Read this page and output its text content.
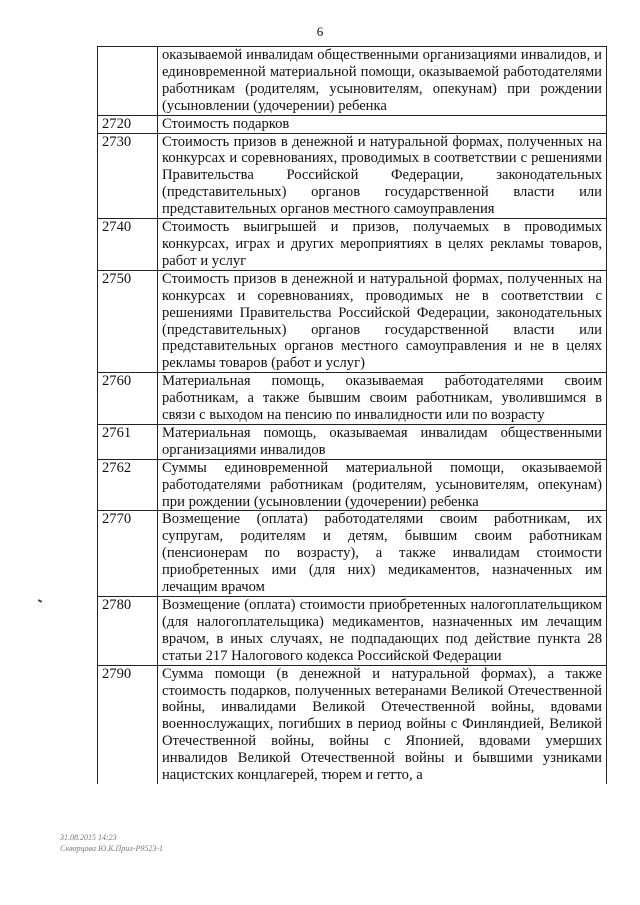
6
	оказываемой инвалидам общественными организациями инвалидов, и единовременной материальной помощи, оказываемой работодателями работникам (родителям, усыновителям, опекунам) при рождении (усыновлении (удочерении) ребенка
2720	Стоимость подарков
2730	Стоимость призов в денежной и натуральной формах, полученных на конкурсах и соревнованиях, проводимых в соответствии с решениями Правительства Российской Федерации, законодательных (представительных) органов государственной власти или представительных органов местного самоуправления
2740	Стоимость выигрышей и призов, получаемых в проводимых конкурсах, играх и других мероприятиях в целях рекламы товаров, работ и услуг
2750	Стоимость призов в денежной и натуральной формах, полученных на конкурсах и соревнованиях, проводимых не в соответствии с решениями Правительства Российской Федерации, законодательных (представительных) органов государственной власти или представительных органов местного самоуправления и не в целях рекламы товаров (работ и услуг)
2760	Материальная помощь, оказываемая работодателями своим работникам, а также бывшим своим работникам, уволившимся в связи с выходом на пенсию по инвалидности или по возрасту
2761	Материальная помощь, оказываемая инвалидам общественными организациями инвалидов
2762	Суммы единовременной материальной помощи, оказываемой работодателями работникам (родителям, усыновителям, опекунам) при рождении (усыновлении (удочерении) ребенка
2770	Возмещение (оплата) работодателями своим работникам, их супругам, родителям и детям, бывшим своим работникам (пенсионерам по возрасту), а также инвалидам стоимости приобретенных ими (для них) медикаментов, назначенных им лечащим врачом
2780	Возмещение (оплата) стоимости приобретенных налогоплательщиком (для налогоплательщика) медикаментов, назначенных им лечащим врачом, в иных случаях, не подпадающих под действие пункта 28 статьи 217 Налогового кодекса Российской Федерации
2790	Сумма помощи (в денежной и натуральной формах), а также стоимость подарков, полученных ветеранами Великой Отечественной войны, инвалидами Великой Отечественной войны, вдовами военнослужащих, погибших в период войны с Финляндией, Великой Отечественной войны, войны с Японией, вдовами умерших инвалидов Великой Отечественной войны и бывшими узниками нацистских концлагерей, тюрем и гетто, а
31.08.2015 14:23
Скворцова Ю.К.Прил-Р9523-1
